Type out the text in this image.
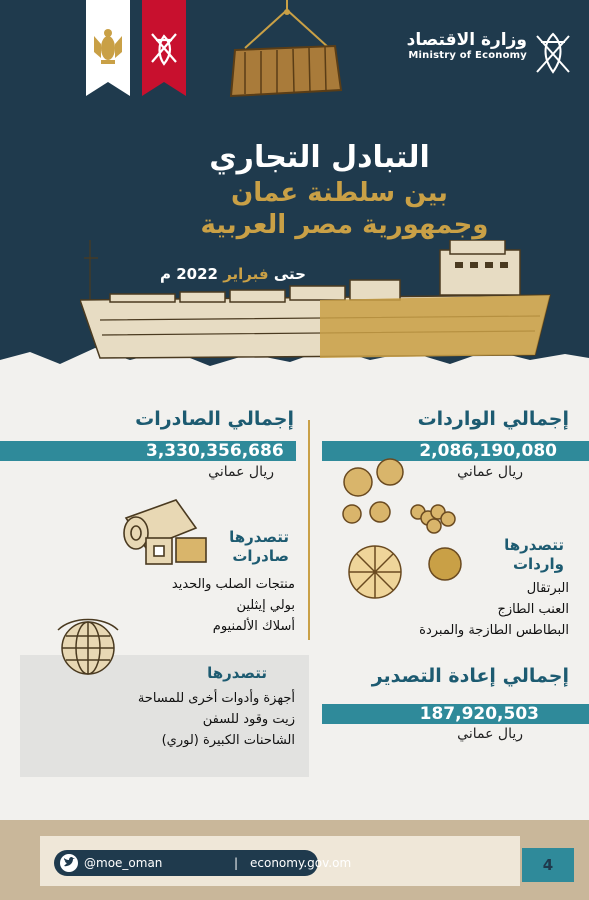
وزارة الاقتصاد
Ministry of Economy
التبادل التجاري
بين سلطنة عمان
وجمهورية مصر العربية
حتى فبراير 2022 م
إجمالي الواردات
2,086,190,080
ريال عماني
تتصدرها
واردات
البرتقال
العنب الطازج
البطاطس الطازجة والمبردة
إجمالي الصادرات
3,330,356,686
ريال عماني
تتصدرها
صادرات
منتجات الصلب والحديد
بولي إيثلين
أسلاك الألمنيوم
تتصدرها
أجهزة وأدوات أخرى للمساحة
زيت وقود للسفن
الشاحنات الكبيرة (لوري)
إجمالي إعادة التصدير
187,920,503
ريال عماني
@moe_oman	| economy.gov.om	4
